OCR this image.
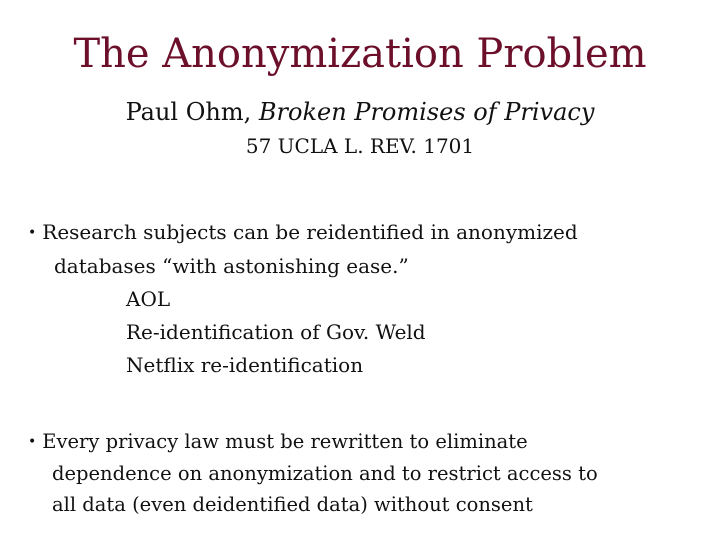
The Anonymization Problem
Paul Ohm, Broken Promises of Privacy
57 UCLA L. REV. 1701
• Research subjects can be reidentified in anonymized
databases “with astonishing ease.”
AOL
Re-identification of Gov. Weld
Netflix re-identification
• Every privacy law must be rewritten to eliminate
dependence on anonymization and to restrict access to
all data (even deidentified data) without consent
